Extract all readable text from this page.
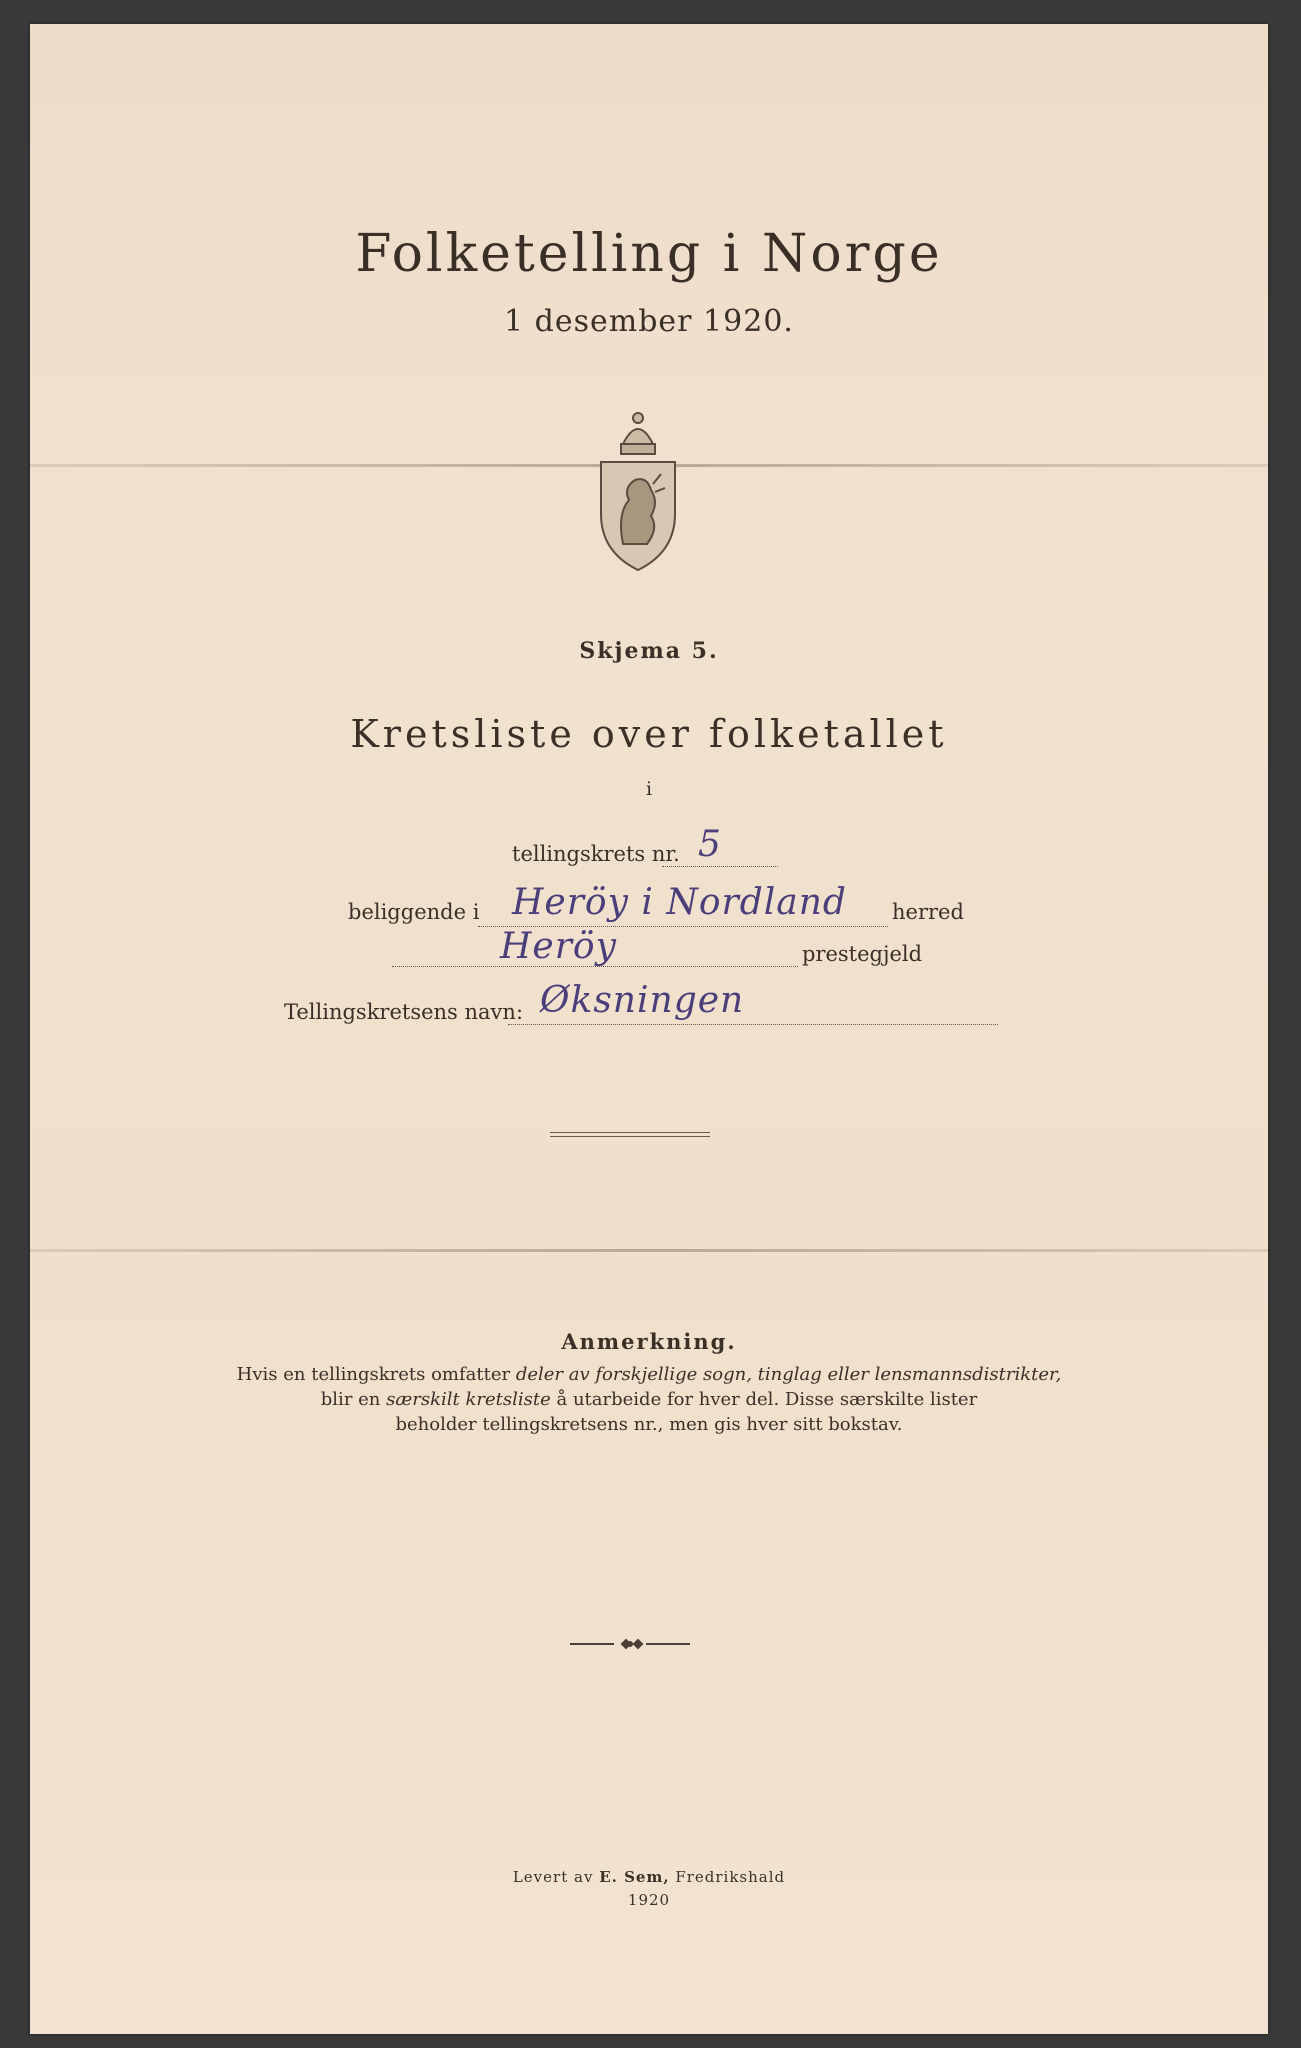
Folketelling i Norge
1 desember 1920.
Skjema 5.
Kretsliste over folketallet
i
tellingskrets nr. 5
beliggende i Heröy i Nordland herred
Heröy	prestegjeld
Tellingskretsens navn: Øksningen
Anmerkning.
Hvis en tellingskrets omfatter deler av forskjellige sogn, tinglag eller lensmannsdistrikter,
blir en særskilt kretsliste å utarbeide for hver del. Disse særskilte lister
beholder tellingskretsens nr., men gis hver sitt bokstav.
Levert av E. Sem, Fredrikshald
1920
